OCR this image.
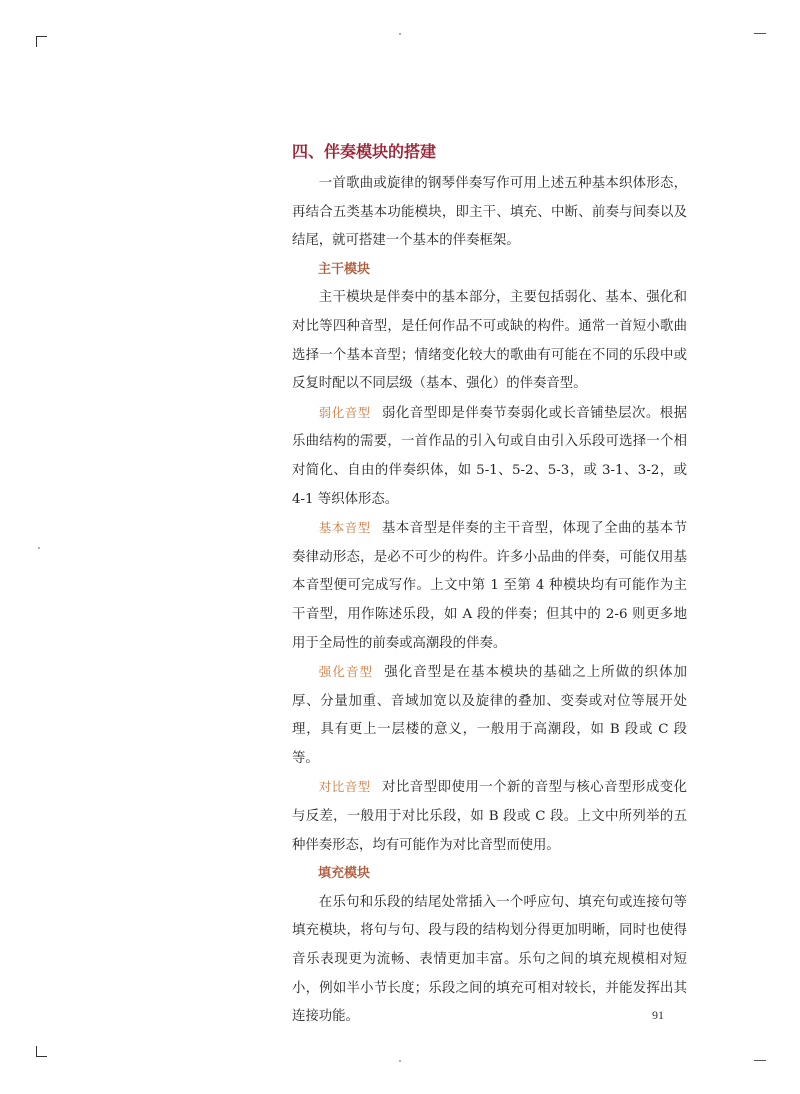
四、伴奏模块的搭建

一首歌曲或旋律的钢琴伴奏写作可用上述五种基本织体形态，再结合五类基本功能模块，即主干、填充、中断、前奏与间奏以及结尾，就可搭建一个基本的伴奏框架。

主干模块

主干模块是伴奏中的基本部分，主要包括弱化、基本、强化和对比等四种音型，是任何作品不可或缺的构件。通常一首短小歌曲选择一个基本音型；情绪变化较大的歌曲有可能在不同的乐段中或反复时配以不同层级（基本、强化）的伴奏音型。

弱化音型 弱化音型即是伴奏节奏弱化或长音铺垫层次。根据乐曲结构的需要，一首作品的引入句或自由引入乐段可选择一个相对简化、自由的伴奏织体，如 5-1、5-2、5-3，或 3-1、3-2，或 4-1 等织体形态。

基本音型 基本音型是伴奏的主干音型，体现了全曲的基本节奏律动形态，是必不可少的构件。许多小品曲的伴奏，可能仅用基本音型便可完成写作。上文中第 1 至第 4 种模块均有可能作为主干音型，用作陈述乐段，如 A 段的伴奏；但其中的 2-6 则更多地用于全局性的前奏或高潮段的伴奏。

强化音型 强化音型是在基本模块的基础之上所做的织体加厚、分量加重、音域加宽以及旋律的叠加、变奏或对位等展开处理，具有更上一层楼的意义，一般用于高潮段，如 B 段或 C 段等。

对比音型 对比音型即使用一个新的音型与核心音型形成变化与反差，一般用于对比乐段，如 B 段或 C 段。上文中所列举的五种伴奏形态，均有可能作为对比音型而使用。

填充模块

在乐句和乐段的结尾处常插入一个呼应句、填充句或连接句等填充模块，将句与句、段与段的结构划分得更加明晰，同时也使得音乐表现更为流畅、表情更加丰富。乐句之间的填充规模相对短小，例如半小节长度；乐段之间的填充可相对较长，并能发挥出其连接功能。	91
